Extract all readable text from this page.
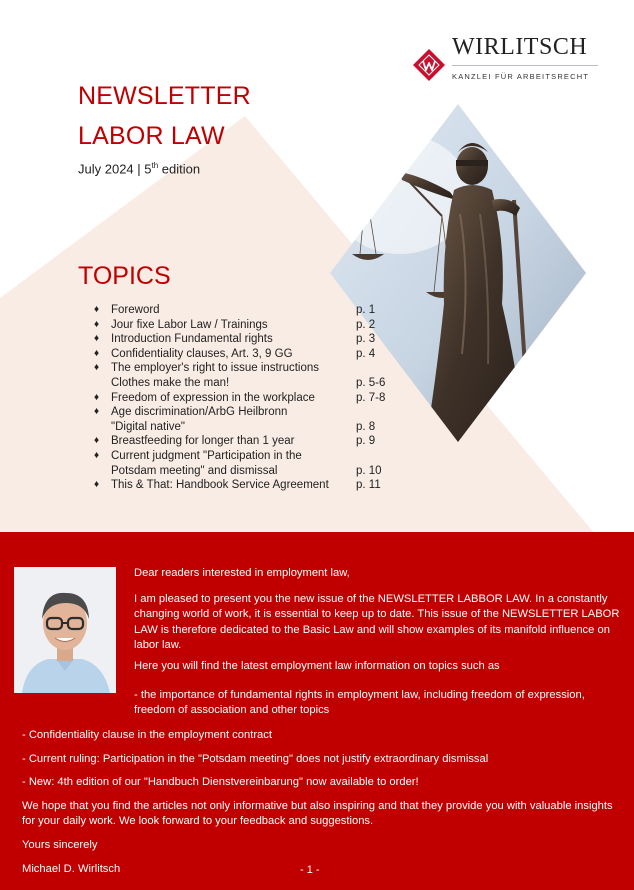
WIRLITSCH
KANZLEI FÜR ARBEITSRECHT
NEWSLETTER
LABOR LAW
July 2024 | 5th edition
TOPICS
♦ Foreword	p. 1
♦ Jour fixe Labor Law / Trainings	p. 2
♦ Introduction Fundamental rights	p. 3
♦ Confidentiality clauses, Art. 3, 9 GG	p. 4
♦ The employer's right to issue instructions
Clothes make the man!	p. 5-6
♦ Freedom of expression in the workplace	p. 7-8
♦ Age discrimination/ArbG Heilbronn
"Digital native"	p. 8
♦ Breastfeeding for longer than 1 year	p. 9
♦ Current judgment "Participation in the
Potsdam meeting" and dismissal	p. 10
♦ This & That: Handbook Service Agreement p. 11
Dear readers interested in employment law,
I am pleased to present you the new issue of the NEWSLETTER LABBOR LAW. In a constantly changing world of work, it is essential to keep up to date. This issue of the NEWSLETTER LABOR LAW is therefore dedicated to the Basic Law and will show examples of its manifold influence on labor law.
Here you will find the latest employment law information on topics such as
- the importance of fundamental rights in employment law, including freedom of expression, freedom of association and other topics
- Confidentiality clause in the employment contract
- Current ruling: Participation in the "Potsdam meeting" does not justify extraordinary dismissal
- New: 4th edition of our "Handbuch Dienstvereinbarung" now available to order!
We hope that you find the articles not only informative but also inspiring and that they provide you with valuable insights for your daily work. We look forward to your feedback and suggestions.
Yours sincerely
Michael D. Wirlitsch	- 1 -
